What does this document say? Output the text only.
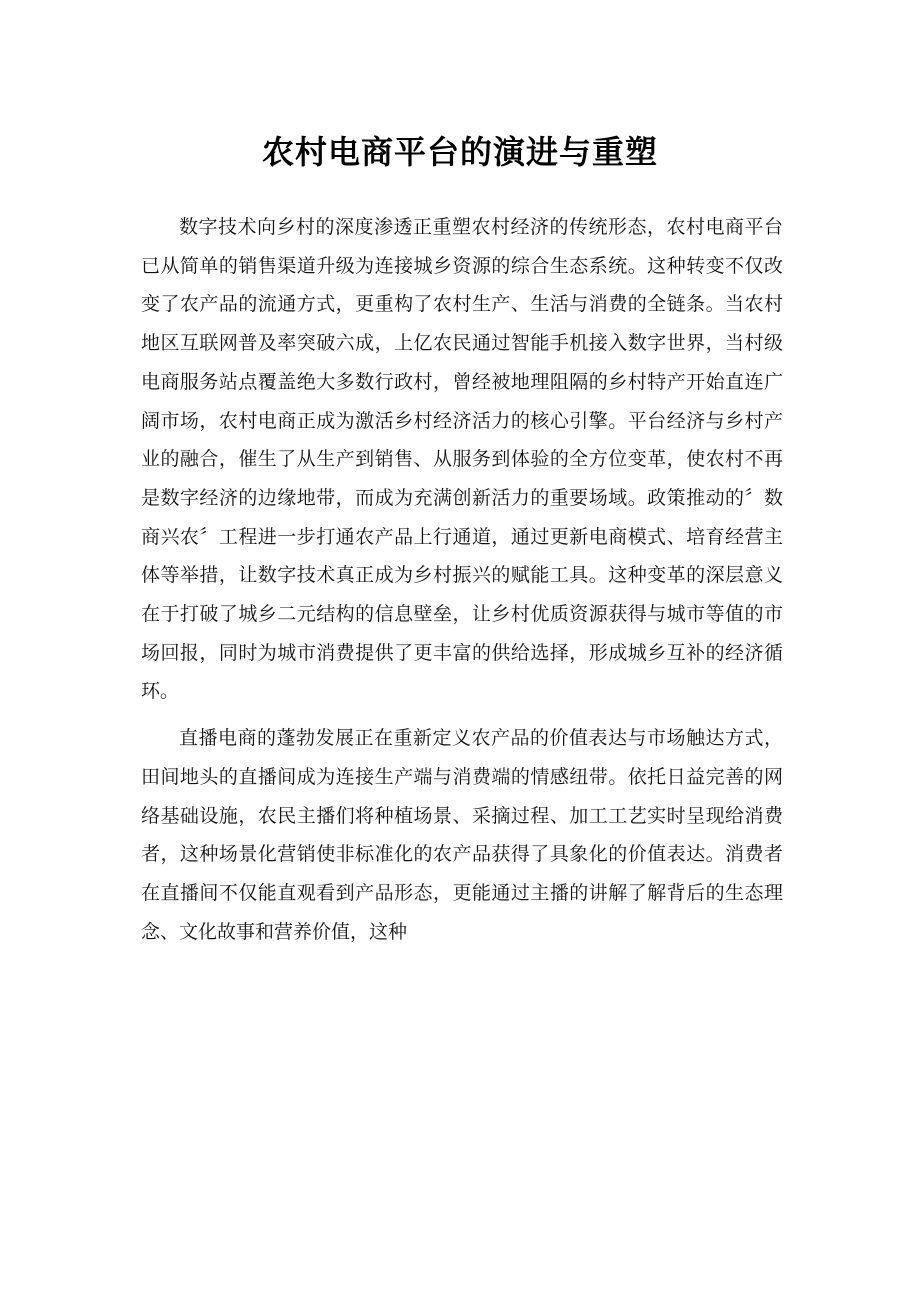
农村电商平台的演进与重塑

数字技术向乡村的深度渗透正重塑农村经济的传统形态，农村电商平台已从简单的销售渠道升级为连接城乡资源的综合生态系统。这种转变不仅改变了农产品的流通方式，更重构了农村生产、生活与消费的全链条。当农村地区互联网普及率突破六成，上亿农民通过智能手机接入数字世界，当村级电商服务站点覆盖绝大多数行政村，曾经被地理阻隔的乡村特产开始直连广阔市场，农村电商正成为激活乡村经济活力的核心引擎。平台经济与乡村产业的融合，催生了从生产到销售、从服务到体验的全方位变革，使农村不再是数字经济的边缘地带，而成为充满创新活力的重要场域。政策推动的〞数商兴农〞工程进一步打通农产品上行通道，通过更新电商模式、培育经营主体等举措，让数字技术真正成为乡村振兴的赋能工具。这种变革的深层意义在于打破了城乡二元结构的信息壁垒，让乡村优质资源获得与城市等值的市场回报，同时为城市消费提供了更丰富的供给选择，形成城乡互补的经济循环。

直播电商的蓬勃发展正在重新定义农产品的价值表达与市场触达方式，田间地头的直播间成为连接生产端与消费端的情感纽带。依托日益完善的网络基础设施，农民主播们将种植场景、采摘过程、加工工艺实时呈现给消费者，这种场景化营销使非标准化的农产品获得了具象化的价值表达。消费者在直播间不仅能直观看到产品形态，更能通过主播的讲解了解背后的生态理念、文化故事和营养价值，这种
